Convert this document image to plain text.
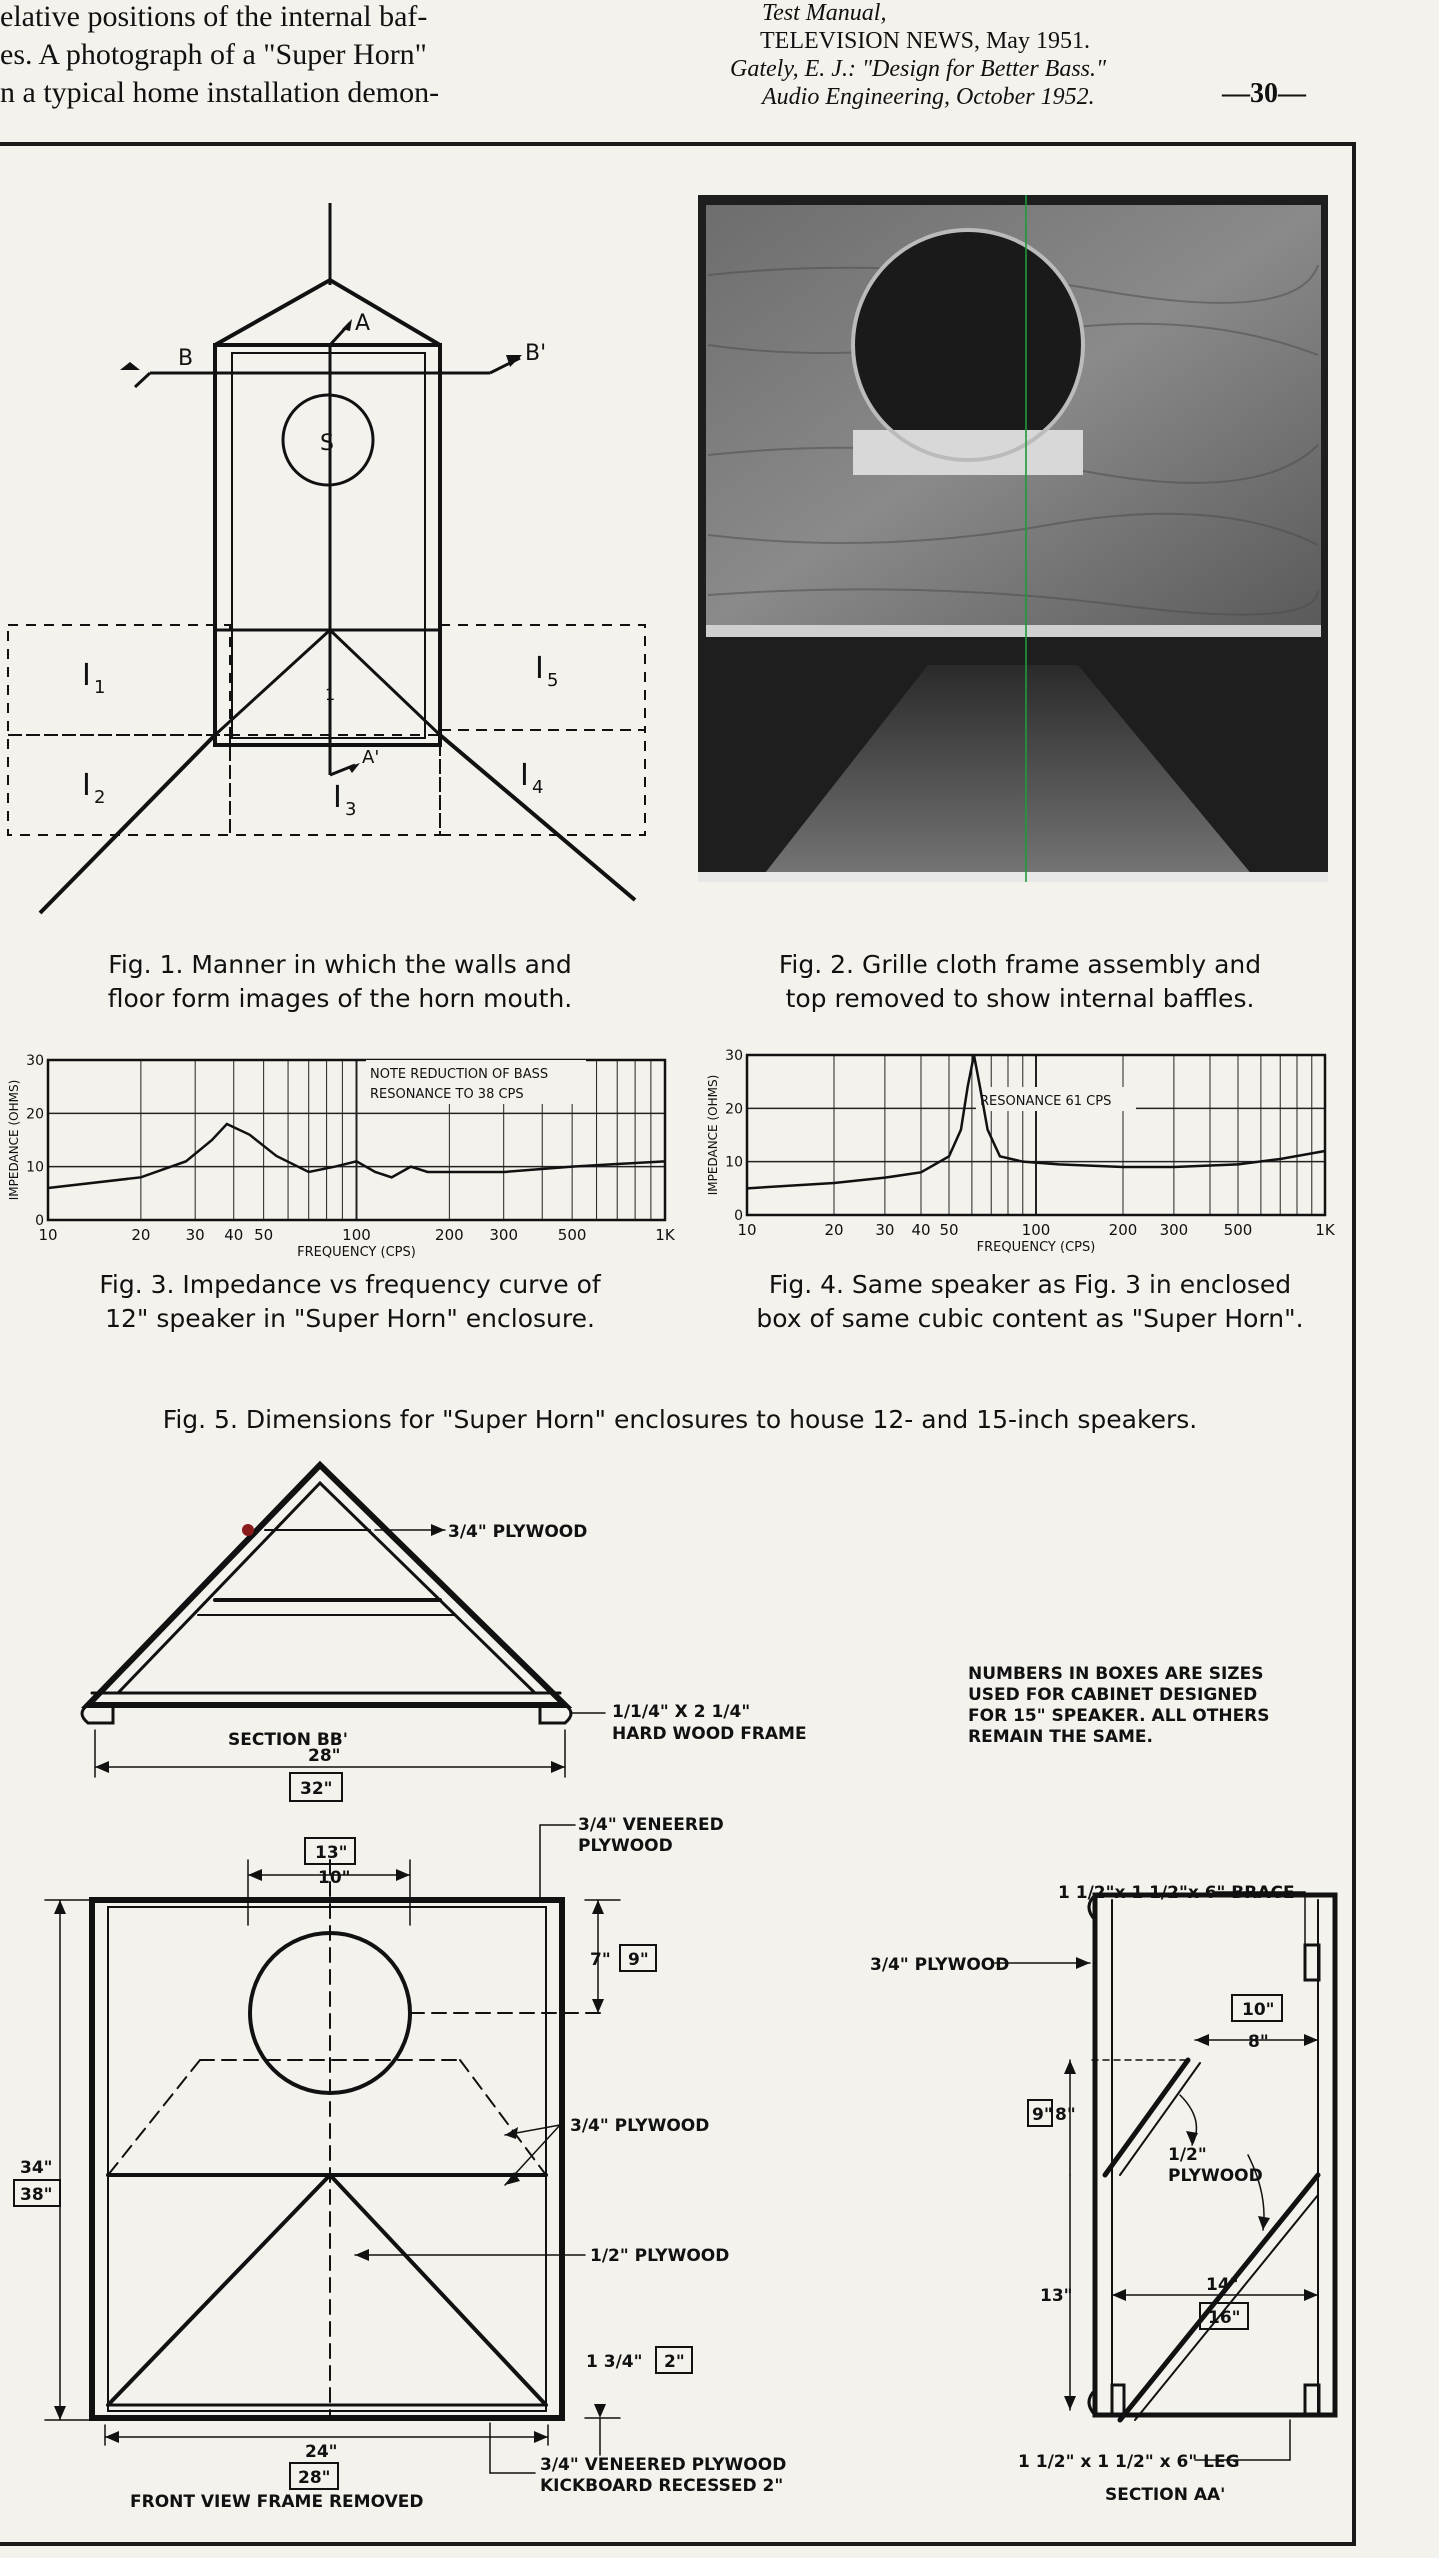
elative positions of the internal baf-
es. A photograph of a "Super Horn"
n a typical home installation demon-
Test Manual,
TELEVISION NEWS, May 1951.
Gately, E. J.: "Design for Better Bass."
Audio Engineering, October 1952.	—30—
B	B'
A
A'
S
1
I 1
I 2	I 3
I 4
I 5
Fig. 1. Manner in which the walls and
floor form images of the horn mouth.
Fig. 2. Grille cloth frame assembly and
top removed to show internal baffles.
NOTE REDUCTION OF BASS
RESONANCE TO 38 CPS
10	20 30 40 50	100	200 300	500	1K
0
10
20
30
FREQUENCY (CPS)
IMPEDANCE (OHMS)
Fig. 3. Impedance vs frequency curve of
12" speaker in "Super Horn" enclosure.
RESONANCE 61 CPS
10	20 30 40 50	100	200 300 500	1K
0
10
20
30
FREQUENCY (CPS)
IMPEDANCE (OHMS)
Fig. 4. Same speaker as Fig. 3 in enclosed
box of same cubic content as "Super Horn".
Fig. 5. Dimensions for "Super Horn" enclosures to house 12- and 15-inch speakers.
3/4" PLYWOOD
SECTION BB'
1/1/4" X 2 1/4"
HARD WOOD FRAME
28"
32"
NUMBERS IN BOXES ARE SIZES
USED FOR CABINET DESIGNED
FOR 15" SPEAKER. ALL OTHERS
REMAIN THE SAME.
3/4" VENEERED
PLYWOOD
13"
10"
7" 9"
3/4" PLYWOOD
1/2" PLYWOOD
34"
38"
1 3/4" 2"
24"
28"
3/4" VENEERED PLYWOOD
KICKBOARD RECESSED 2"
FRONT VIEW FRAME REMOVED
1 1/2"x 1 1/2"x 6" BRACE
3/4" PLYWOOD
10"
8"
9" 8"
1/2"
PLYWOOD
13"
14"
16"
1 1/2" x 1 1/2" x 6" LEG
SECTION AA'
